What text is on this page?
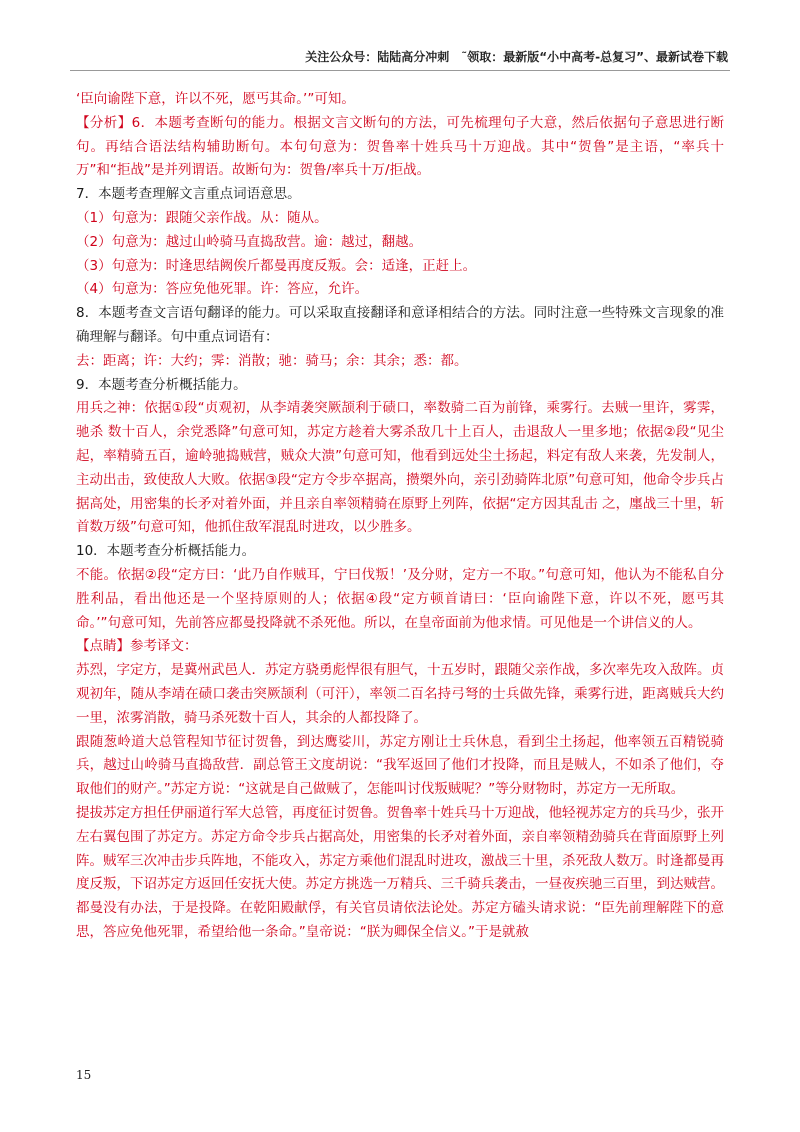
关注公众号：陆陆高分冲刺　˜领取：最新版“小中高考-总复习”、最新试卷下载

‘臣向谕陛下意，许以不死，愿丐其命。’”可知。

【分析】6．本题考查断句的能力。根据文言文断句的方法，可先梳理句子大意，然后依据句子意思进行断句。再结合语法结构辅助断句。本句句意为：贺鲁率十姓兵马十万迎战。其中“贺鲁”是主语，“率兵十万”和“拒战”是并列谓语。故断句为：贺鲁/率兵十万/拒战。

7．本题考查理解文言重点词语意思。

（1）句意为：跟随父亲作战。从：随从。

（2）句意为：越过山岭骑马直捣敌营。逾：越过，翻越。

（3）句意为：时逢思结阙俟斤都曼再度反叛。会：适逢，正赶上。

（4）句意为：答应免他死罪。许：答应，允许。

8．本题考查文言语句翻译的能力。可以采取直接翻译和意译相结合的方法。同时注意一些特殊文言现象的准确理解与翻译。句中重点词语有：

去：距离；许：大约；霁：消散；驰：骑马；余：其余；悉：都。

9．本题考查分析概括能力。

用兵之神：依据①段“贞观初，从李靖袭突厥颉利于碛口，率数骑二百为前锋，乘雾行。去贼一里许，雾霁，驰杀 数十百人，余党悉降”句意可知，苏定方趁着大雾杀敌几十上百人，击退敌人一里多地；依据②段“见尘起，率精骑五百，逾岭驰捣贼营，贼众大溃”句意可知，他看到远处尘土扬起，料定有敌人来袭，先发制人，主动出击，致使敌人大败。依据③段“定方令步卒据高，攒槊外向，亲引劲骑阵北原”句意可知，他命令步兵占据高处，用密集的长矛对着外面，并且亲自率领精骑在原野上列阵，依据“定方因其乱击 之，廛战三十里，斩首数万级”句意可知，他抓住敌军混乱时进攻，以少胜多。

10．本题考查分析概括能力。

不能。依据②段“定方曰：‘此乃自作贼耳，宁曰伐叛！’及分财，定方一不取。”句意可知，他认为不能私自分胜利品，看出他还是一个坚持原则的人；依据④段“定方顿首请曰：‘臣向谕陛下意，许以不死，愿丐其命。’”句意可知，先前答应都曼投降就不杀死他。所以，在皇帝面前为他求情。可见他是一个讲信义的人。

【点睛】参考译文：

苏烈，字定方，是冀州武邑人．苏定方骁勇彪悍很有胆气，十五岁时，跟随父亲作战，多次率先攻入敌阵。贞观初年，随从李靖在碛口袭击突厥颉利（可汗），率领二百名持弓弩的士兵做先锋，乘雾行进，距离贼兵大约一里，浓雾消散，骑马杀死数十百人，其余的人都投降了。

跟随葱岭道大总管程知节征讨贺鲁，到达鹰娑川，苏定方刚让士兵休息，看到尘土扬起，他率领五百精锐骑兵，越过山岭骑马直捣敌营．副总管王文度胡说：“我军返回了他们才投降，而且是贼人，不如杀了他们，夺取他们的财产。”苏定方说：“这就是自己做贼了，怎能叫讨伐叛贼呢？”等分财物时，苏定方一无所取。

提拔苏定方担任伊丽道行军大总管，再度征讨贺鲁。贺鲁率十姓兵马十万迎战，他轻视苏定方的兵马少，张开左右翼包围了苏定方。苏定方命令步兵占据高处，用密集的长矛对着外面，亲自率领精劲骑兵在背面原野上列阵。贼军三次冲击步兵阵地，不能攻入，苏定方乘他们混乱时进攻，激战三十里，杀死敌人数万。时逢都曼再度反叛，下诏苏定方返回任安抚大使。苏定方挑选一万精兵、三千骑兵袭击，一昼夜疾驰三百里，到达贼营。都曼没有办法，于是投降。在乾阳殿献俘，有关官员请依法论处。苏定方磕头请求说：“臣先前理解陛下的意思，答应免他死罪，希望给他一条命。”皇帝说：“朕为卿保全信义。”于是就赦

15
